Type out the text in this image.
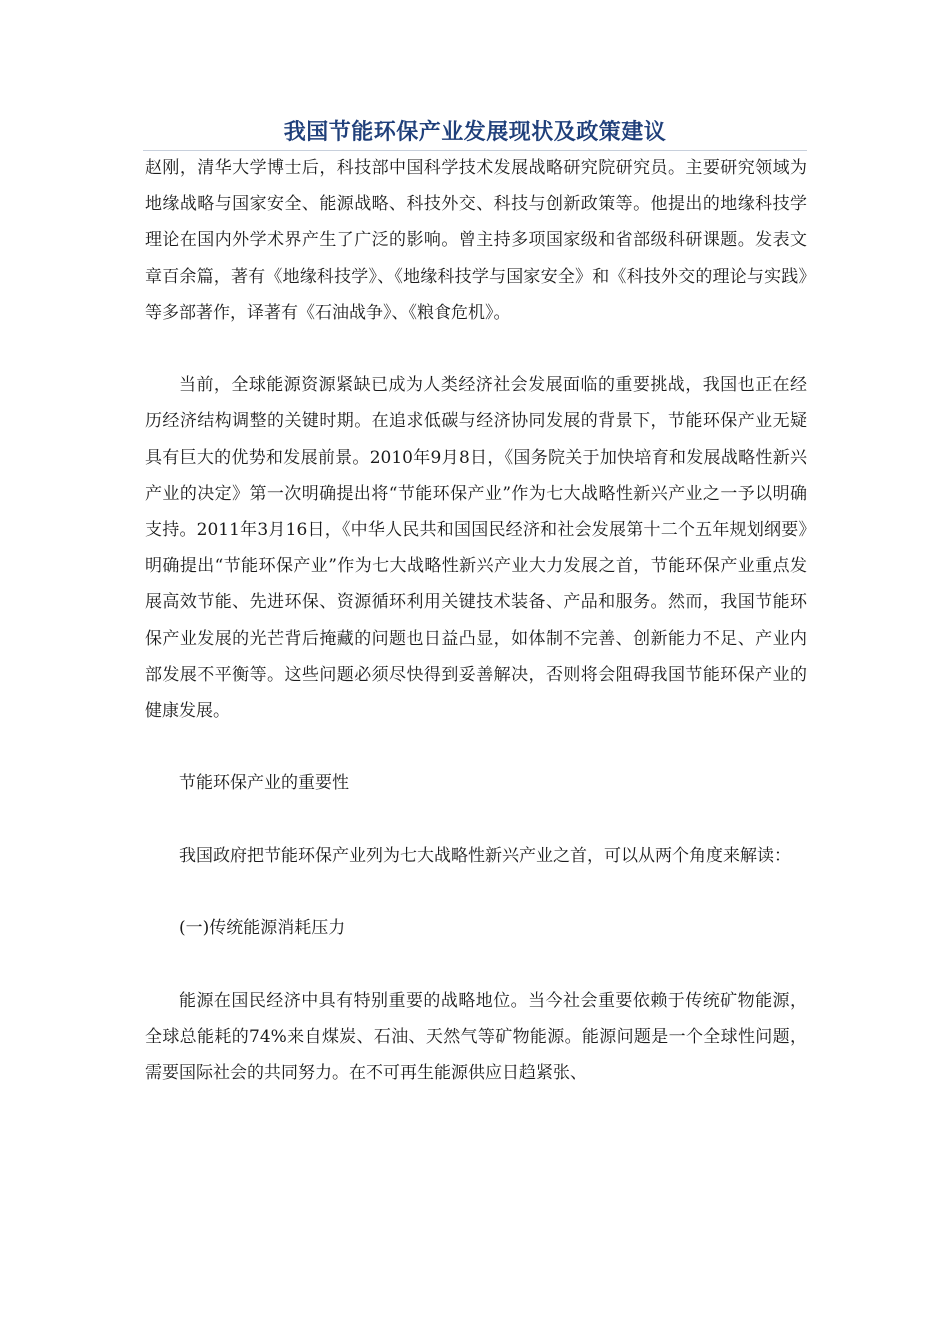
我国节能环保产业发展现状及政策建议

赵刚，清华大学博士后，科技部中国科学技术发展战略研究院研究员。主要研究领域为地缘战略与国家安全、能源战略、科技外交、科技与创新政策等。他提出的地缘科技学理论在国内外学术界产生了广泛的影响。曾主持多项国家级和省部级科研课题。发表文章百余篇，著有《地缘科技学》、《地缘科技学与国家安全》和《科技外交的理论与实践》等多部著作，译著有《石油战争》、《粮食危机》。

当前，全球能源资源紧缺已成为人类经济社会发展面临的重要挑战，我国也正在经历经济结构调整的关键时期。在追求低碳与经济协同发展的背景下，节能环保产业无疑具有巨大的优势和发展前景。2010年9月8日，《国务院关于加快培育和发展战略性新兴产业的决定》第一次明确提出将“节能环保产业”作为七大战略性新兴产业之一予以明确支持。2011年3月16日，《中华人民共和国国民经济和社会发展第十二个五年规划纲要》明确提出“节能环保产业”作为七大战略性新兴产业大力发展之首，节能环保产业重点发展高效节能、先进环保、资源循环利用关键技术装备、产品和服务。然而，我国节能环保产业发展的光芒背后掩藏的问题也日益凸显，如体制不完善、创新能力不足、产业内部发展不平衡等。这些问题必须尽快得到妥善解决，否则将会阻碍我国节能环保产业的健康发展。

节能环保产业的重要性

我国政府把节能环保产业列为七大战略性新兴产业之首，可以从两个角度来解读：

(一)传统能源消耗压力

能源在国民经济中具有特别重要的战略地位。当今社会重要依赖于传统矿物能源，全球总能耗的74%来自煤炭、石油、天然气等矿物能源。能源问题是一个全球性问题，需要国际社会的共同努力。在不可再生能源供应日趋紧张、
